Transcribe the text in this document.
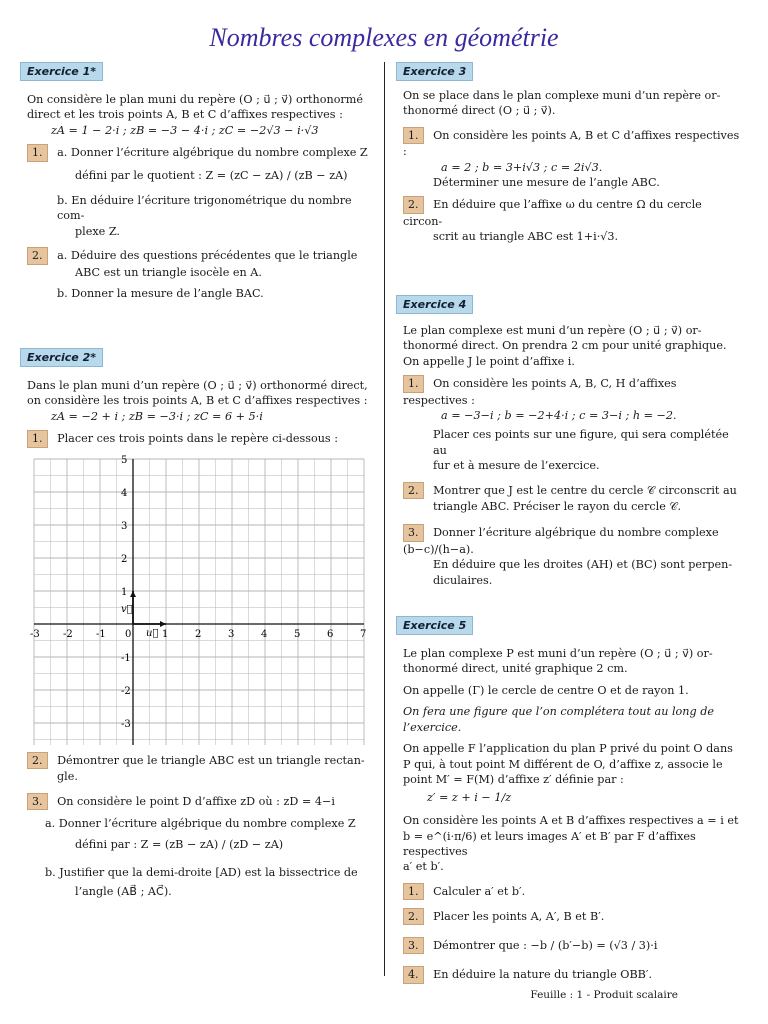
Nombres complexes en géométrie
Exercice 1*
On considère le plan muni du repère (O ; u⃗ ; v⃗) orthonormé
direct et les trois points A, B et C d’affixes respectives :
zA = 1 − 2·i ; zB = −3 − 4·i ; zC = −2√3 − i·√3
1. a. Donner l’écriture algébrique du nombre complexe Z
défini par le quotient : Z = (zC − zA) / (zB − zA)
b. En déduire l’écriture trigonométrique du nombre com-
plexe Z.
2. a. Déduire des questions précédentes que le triangle
ABC est un triangle isocèle en A.
b. Donner la mesure de l’angle BAC.
Exercice 2*
Dans le plan muni d’un repère (O ; u⃗ ; v⃗) orthonormé direct,
on considère les trois points A, B et C d’affixes respectives :
zA = −2 + i ; zB = −3·i ; zC = 6 + 5·i
1. Placer ces trois points dans le repère ci-dessous :
-3 -2 -1 0	1	2	3	4	5	6	7
5
4
3
2
1
-1
-2
-3
u⃗
v⃗
2. Démontrer que le triangle ABC est un triangle rectan-
gle.
3. On considère le point D d’affixe zD où : zD = 4−i
a. Donner l’écriture algébrique du nombre complexe Z
défini par : Z = (zB − zA) / (zD − zA)
b. Justifier que la demi-droite [AD) est la bissectrice de
l’angle (AB⃗ ; AC⃗).
Exercice 3
On se place dans le plan complexe muni d’un repère or-
thonormé direct (O ; u⃗ ; v⃗).
1. On considère les points A, B et C d’affixes respectives :
a = 2 ; b = 3+i√3 ; c = 2i√3.
Déterminer une mesure de l’angle ABC.
2. En déduire que l’affixe ω du centre Ω du cercle circon-
scrit au triangle ABC est 1+i·√3.
Exercice 4
Le plan complexe est muni d’un repère (O ; u⃗ ; v⃗) or-
thonormé direct. On prendra 2 cm pour unité graphique.
On appelle J le point d’affixe i.
1. On considère les points A, B, C, H d’affixes respectives :
a = −3−i ; b = −2+4·i ; c = 3−i ; h = −2.
Placer ces points sur une figure, qui sera complétée au
fur et à mesure de l’exercice.
2. Montrer que J est le centre du cercle 𝒞 circonscrit au
triangle ABC. Préciser le rayon du cercle 𝒞.
3. Donner l’écriture algébrique du nombre complexe (b−c)/(h−a).
En déduire que les droites (AH) et (BC) sont perpen-
diculaires.
Exercice 5
Le plan complexe P est muni d’un repère (O ; u⃗ ; v⃗) or-
thonormé direct, unité graphique 2 cm.
On appelle (Γ) le cercle de centre O et de rayon 1.
On fera une figure que l’on complétera tout au long de
l’exercice.
On appelle F l’application du plan P privé du point O dans
P qui, à tout point M différent de O, d’affixe z, associe le
point M′ = F(M) d’affixe z′ définie par :
z′ = z + i − 1/z
On considère les points A et B d’affixes respectives a = i et
b = e^(i·π/6) et leurs images A′ et B′ par F d’affixes respectives
a′ et b′.
1. Calculer a′ et b′.
2. Placer les points A, A′, B et B′.
3. Démontrer que : −b / (b′−b) = (√3 / 3)·i
4. En déduire la nature du triangle OBB′.
Feuille : 1 - Produit scalaire
